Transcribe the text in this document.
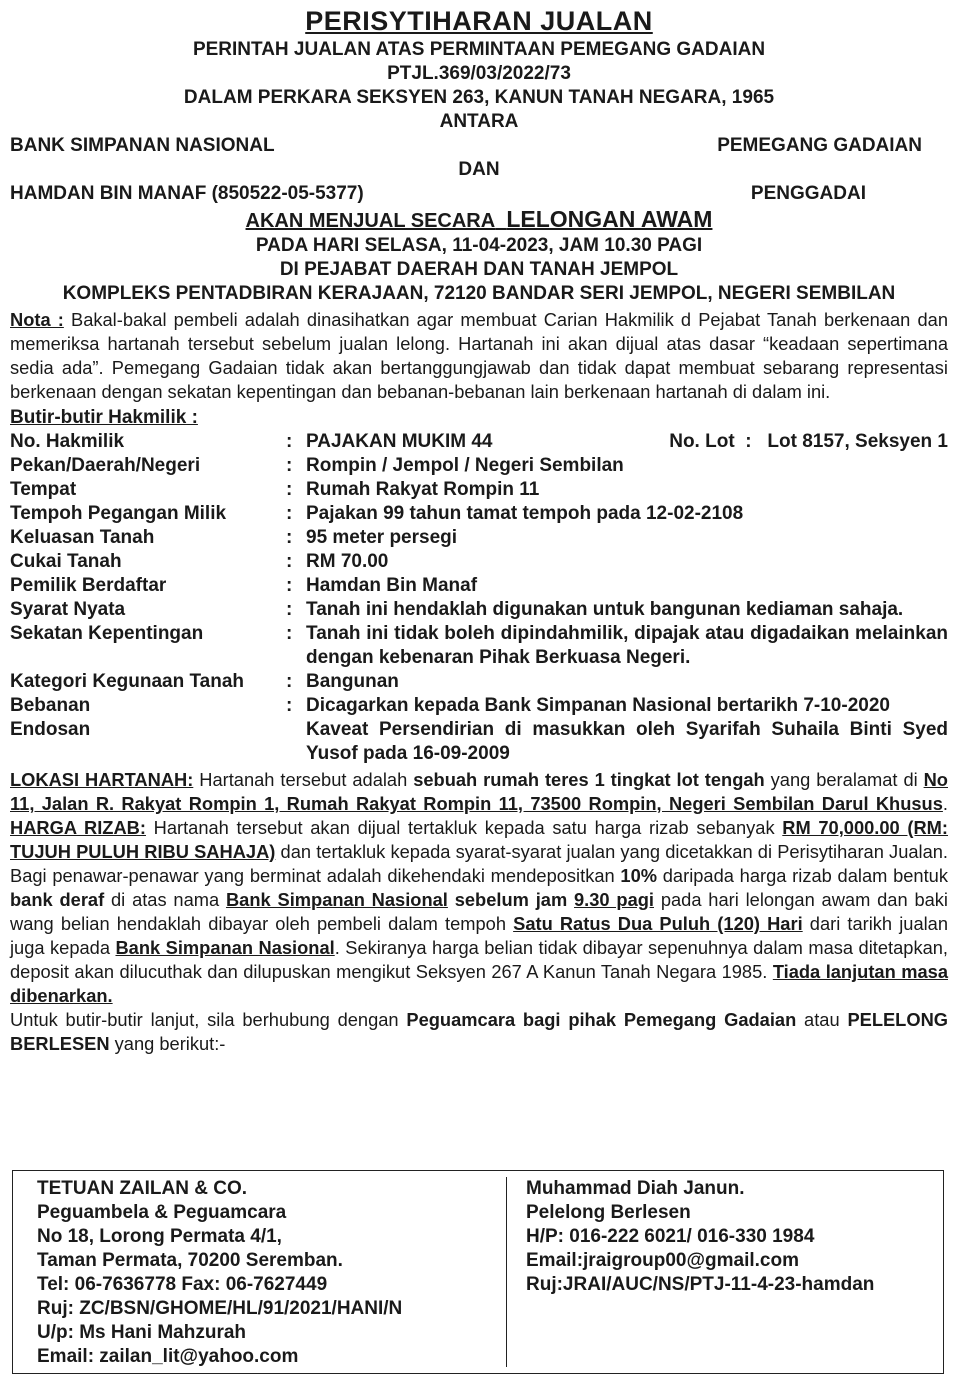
PERISYTIHARAN JUALAN
PERINTAH JUALAN ATAS PERMINTAAN PEMEGANG GADAIAN
PTJL.369/03/2022/73
DALAM PERKARA SEKSYEN 263, KANUN TANAH NEGARA, 1965
ANTARA
BANK SIMPANAN NASIONAL	PEMEGANG GADAIAN
DAN
HAMDAN BIN MANAF (850522-05-5377)	PENGGADAI
AKAN MENJUAL SECARA LELONGAN AWAM
PADA HARI SELASA, 11-04-2023, JAM 10.30 PAGI
DI PEJABAT DAERAH DAN TANAH JEMPOL
KOMPLEKS PENTADBIRAN KERAJAAN, 72120 BANDAR SERI JEMPOL, NEGERI SEMBILAN
Nota : Bakal-bakal pembeli adalah dinasihatkan agar membuat Carian Hakmilik d Pejabat Tanah berkenaan dan memeriksa hartanah tersebut sebelum jualan lelong. Hartanah ini akan dijual atas dasar “keadaan sepertimana sedia ada”. Pemegang Gadaian tidak akan bertanggungjawab dan tidak dapat membuat sebarang representasi berkenaan dengan sekatan kepentingan dan bebanan-bebanan lain berkenaan hartanah di dalam ini.
Butir-butir Hakmilik :
No. Hakmilik	: PAJAKAN MUKIM 44	No. Lot  :   Lot 8157, Seksyen 1
Pekan/Daerah/Negeri	: Rompin / Jempol / Negeri Sembilan
Tempat	: Rumah Rakyat Rompin 11
Tempoh Pegangan Milik	: Pajakan 99 tahun tamat tempoh pada 12-02-2108
Keluasan Tanah	: 95 meter persegi
Cukai Tanah	: RM 70.00
Pemilik Berdaftar	: Hamdan Bin Manaf
Syarat Nyata	: Tanah ini hendaklah digunakan untuk bangunan kediaman sahaja.
Sekatan Kepentingan	: Tanah ini tidak boleh dipindahmilik, dipajak atau digadaikan melainkan dengan kebenaran Pihak Berkuasa Negeri.
Kategori Kegunaan Tanah	: Bangunan
Bebanan	: Dicagarkan kepada Bank Simpanan Nasional bertarikh 7-10-2020
Endosan	Kaveat Persendirian di masukkan oleh Syarifah Suhaila Binti Syed Yusof pada 16-09-2009
LOKASI HARTANAH: Hartanah tersebut adalah sebuah rumah teres 1 tingkat lot tengah yang beralamat di No 11, Jalan R. Rakyat Rompin 1, Rumah Rakyat Rompin 11, 73500 Rompin, Negeri Sembilan Darul Khusus. HARGA RIZAB: Hartanah tersebut akan dijual tertakluk kepada satu harga rizab sebanyak RM 70,000.00 (RM: TUJUH PULUH RIBU SAHAJA) dan tertakluk kepada syarat-syarat jualan yang dicetakkan di Perisytiharan Jualan. Bagi penawar-penawar yang berminat adalah dikehendaki mendepositkan 10% daripada harga rizab dalam bentuk bank deraf di atas nama Bank Simpanan Nasional sebelum jam 9.30 pagi pada hari lelongan awam dan baki wang belian hendaklah dibayar oleh pembeli dalam tempoh Satu Ratus Dua Puluh (120) Hari dari tarikh jualan juga kepada Bank Simpanan Nasional. Sekiranya harga belian tidak dibayar sepenuhnya dalam masa ditetapkan, deposit akan dilucuthak dan dilupuskan mengikut Seksyen 267 A Kanun Tanah Negara 1985. Tiada lanjutan masa dibenarkan.
Untuk butir-butir lanjut, sila berhubung dengan Peguamcara bagi pihak Pemegang Gadaian atau PELELONG BERLESEN yang berikut:-
TETUAN ZAILAN & CO.
Peguambela & Peguamcara
No 18, Lorong Permata 4/1,
Taman Permata, 70200 Seremban.
Tel: 06-7636778 Fax: 06-7627449
Ruj: ZC/BSN/GHOME/HL/91/2021/HANI/N
U/p: Ms Hani Mahzurah
Email: zailan_lit@yahoo.com
Muhammad Diah Janun.
Pelelong Berlesen
H/P: 016-222 6021/ 016-330 1984
Email:jraigroup00@gmail.com
Ruj:JRAI/AUC/NS/PTJ-11-4-23-hamdan
